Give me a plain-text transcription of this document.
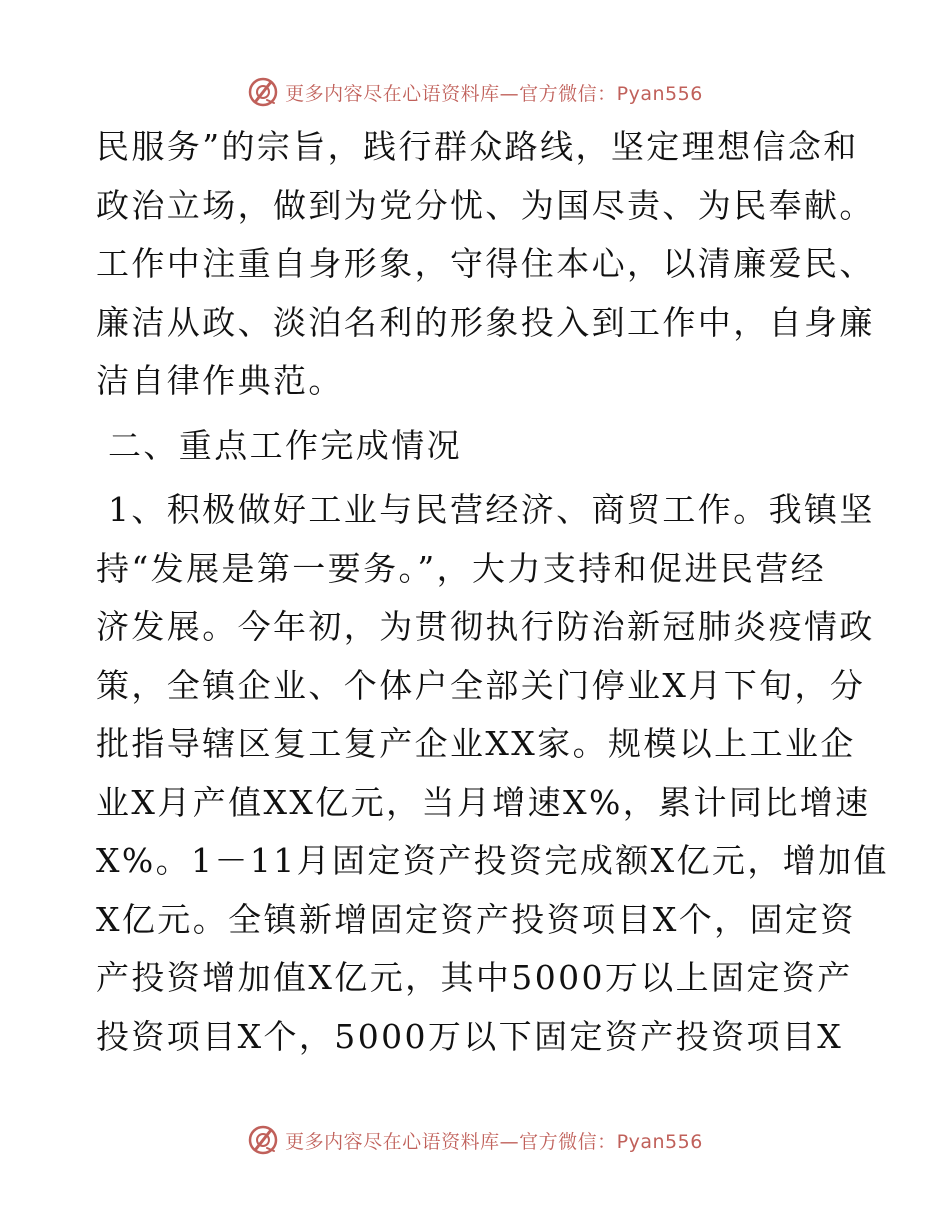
更多内容尽在心语资料库—官方微信：Pyan556
民服务”的宗旨，践行群众路线，坚定理想信念和
政治立场，做到为党分忧、为国尽责、为民奉献。
工作中注重自身形象，守得住本心，以清廉爱民、
廉洁从政、淡泊名利的形象投入到工作中，自身廉
洁自律作典范。
二、重点工作完成情况
1、积极做好工业与民营经济、商贸工作。我镇坚
持“发展是第一要务。”，大力支持和促进民营经
济发展。今年初，为贯彻执行防治新冠肺炎疫情政
策，全镇企业、个体户全部关门停业X月下旬，分
批指导辖区复工复产企业XX家。规模以上工业企
业X月产值XX亿元，当月增速X%，累计同比增速
X%。1－11月固定资产投资完成额X亿元，增加值
X亿元。全镇新增固定资产投资项目X个，固定资
产投资增加值X亿元，其中5000万以上固定资产
投资项目X个，5000万以下固定资产投资项目X
更多内容尽在心语资料库—官方微信：Pyan556
